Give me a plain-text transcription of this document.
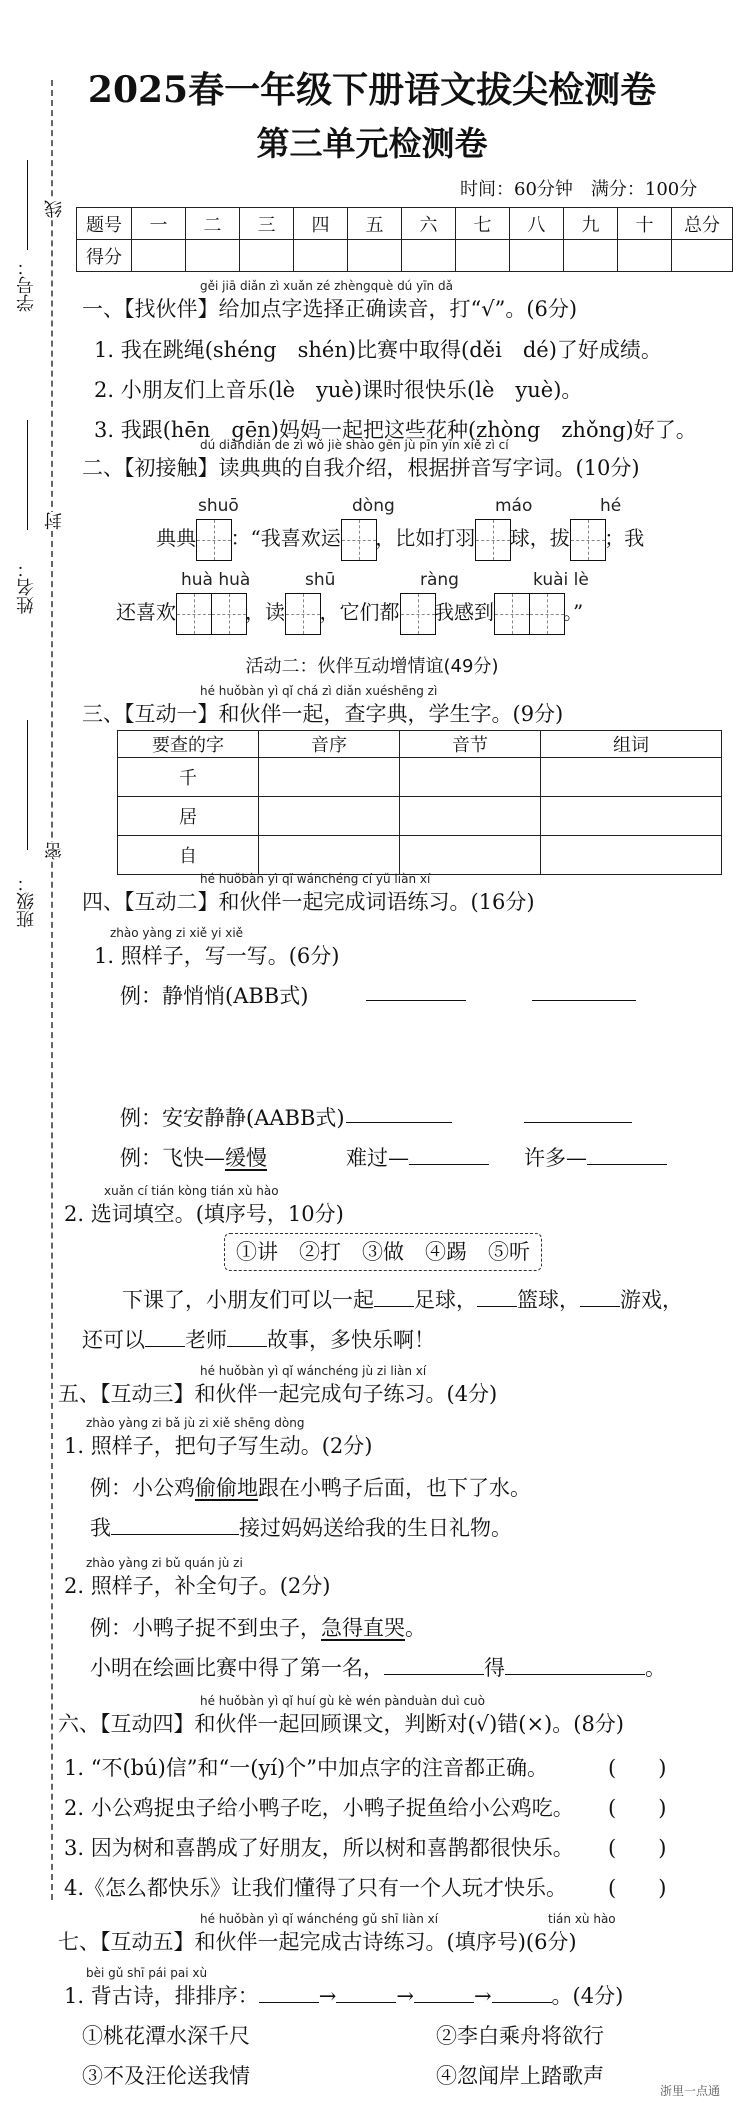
学号：
线
姓名：
封
班级：
密
2025春一年级下册语文拔尖检测卷
第三单元检测卷
时间：60分钟　 满分：100分
题号	一	二	三	四	五	六	七	八	九	十	总分
得分											
gěi jiā diǎn zì xuǎn zé zhèngquè dú yīn dǎ
一、【找伙伴】给加点字选择正确读音，打“√”。(6分)
1. 我在跳绳(shéng　shén)比赛中取得(děi　dé)了好成绩。
2. 小朋友们上音乐(lè　yuè)课时很快乐(lè　yuè)。
3. 我跟(hēn　gēn)妈妈一起把这些花种(zhòng　zhǒng)好了。
dú diǎndiǎn de zì wǒ jiè shào gēn jù pīn yīn xiě zì cí
二、【初接触】读典典的自我介绍，根据拼音写字词。(10分)
shuō	dòng	máo	hé
典典 ：“我喜欢运 ，比如打羽 球，拔 ；我
huà huà	shū	ràng	kuài lè
还喜欢	，读 ，它们都 我感到	。”
活动二：伙伴互动增情谊(49分)
hé huǒbàn yì qǐ chá zì diǎn xuéshēng zì
三、【互动一】和伙伴一起，查字典，学生字。(9分)
要查的字	音序	音节	组词
千			
居			
自			
hé huǒbàn yì qǐ wánchéng cí yǔ liàn xí
四、【互动二】和伙伴一起完成词语练习。(16分)
zhào yàng zi xiě yi xiě
1. 照样子，写一写。(6分)
例：静悄悄(ABB式)
例：安安静静(AABB式)
例：飞快—缓慢	难过—	许多—
xuǎn cí tián kòng tián xù hào
2. 选词填空。(填序号，10分)
①讲　②打　③做　④踢　⑤听
下课了，小朋友们可以一起 足球， 篮球， 游戏，
还可以 老师 故事，多快乐啊！
hé huǒbàn yì qǐ wánchéng jù zi liàn xí
五、【互动三】和伙伴一起完成句子练习。(4分)
zhào yàng zi bǎ jù zi xiě shēng dòng
1. 照样子，把句子写生动。(2分)
例：小公鸡偷偷地跟在小鸭子后面，也下了水。
我	接过妈妈送给我的生日礼物。
zhào yàng zi bǔ quán jù zi
2. 照样子，补全句子。(2分)
例：小鸭子捉不到虫子，急得直哭。
小明在绘画比赛中得了第一名，	得	。
hé huǒbàn yì qǐ huí gù kè wén pànduàn duì cuò
六、【互动四】和伙伴一起回顾课文，判断对(√)错(×)。(8分)
1. “不(bú)信”和“一(yí)个”中加点字的注音都正确。	(　　)
2. 小公鸡捉虫子给小鸭子吃，小鸭子捉鱼给小公鸡吃。 (　　)
3. 因为树和喜鹊成了好朋友，所以树和喜鹊都很快乐。 (　　)
4.《怎么都快乐》让我们懂得了只有一个人玩才快乐。 (　　)
hé huǒbàn yì qǐ wánchéng gǔ shī liàn xí	tián xù hào
七、【互动五】和伙伴一起完成古诗练习。(填序号)(6分)
bèi gǔ shī pái pai xù
1. 背古诗，排排序：	→	→	→	。(4分)
①桃花潭水深千尺	②李白乘舟将欲行
③不及汪伦送我情	④忽闻岸上踏歌声
浙里一点通
